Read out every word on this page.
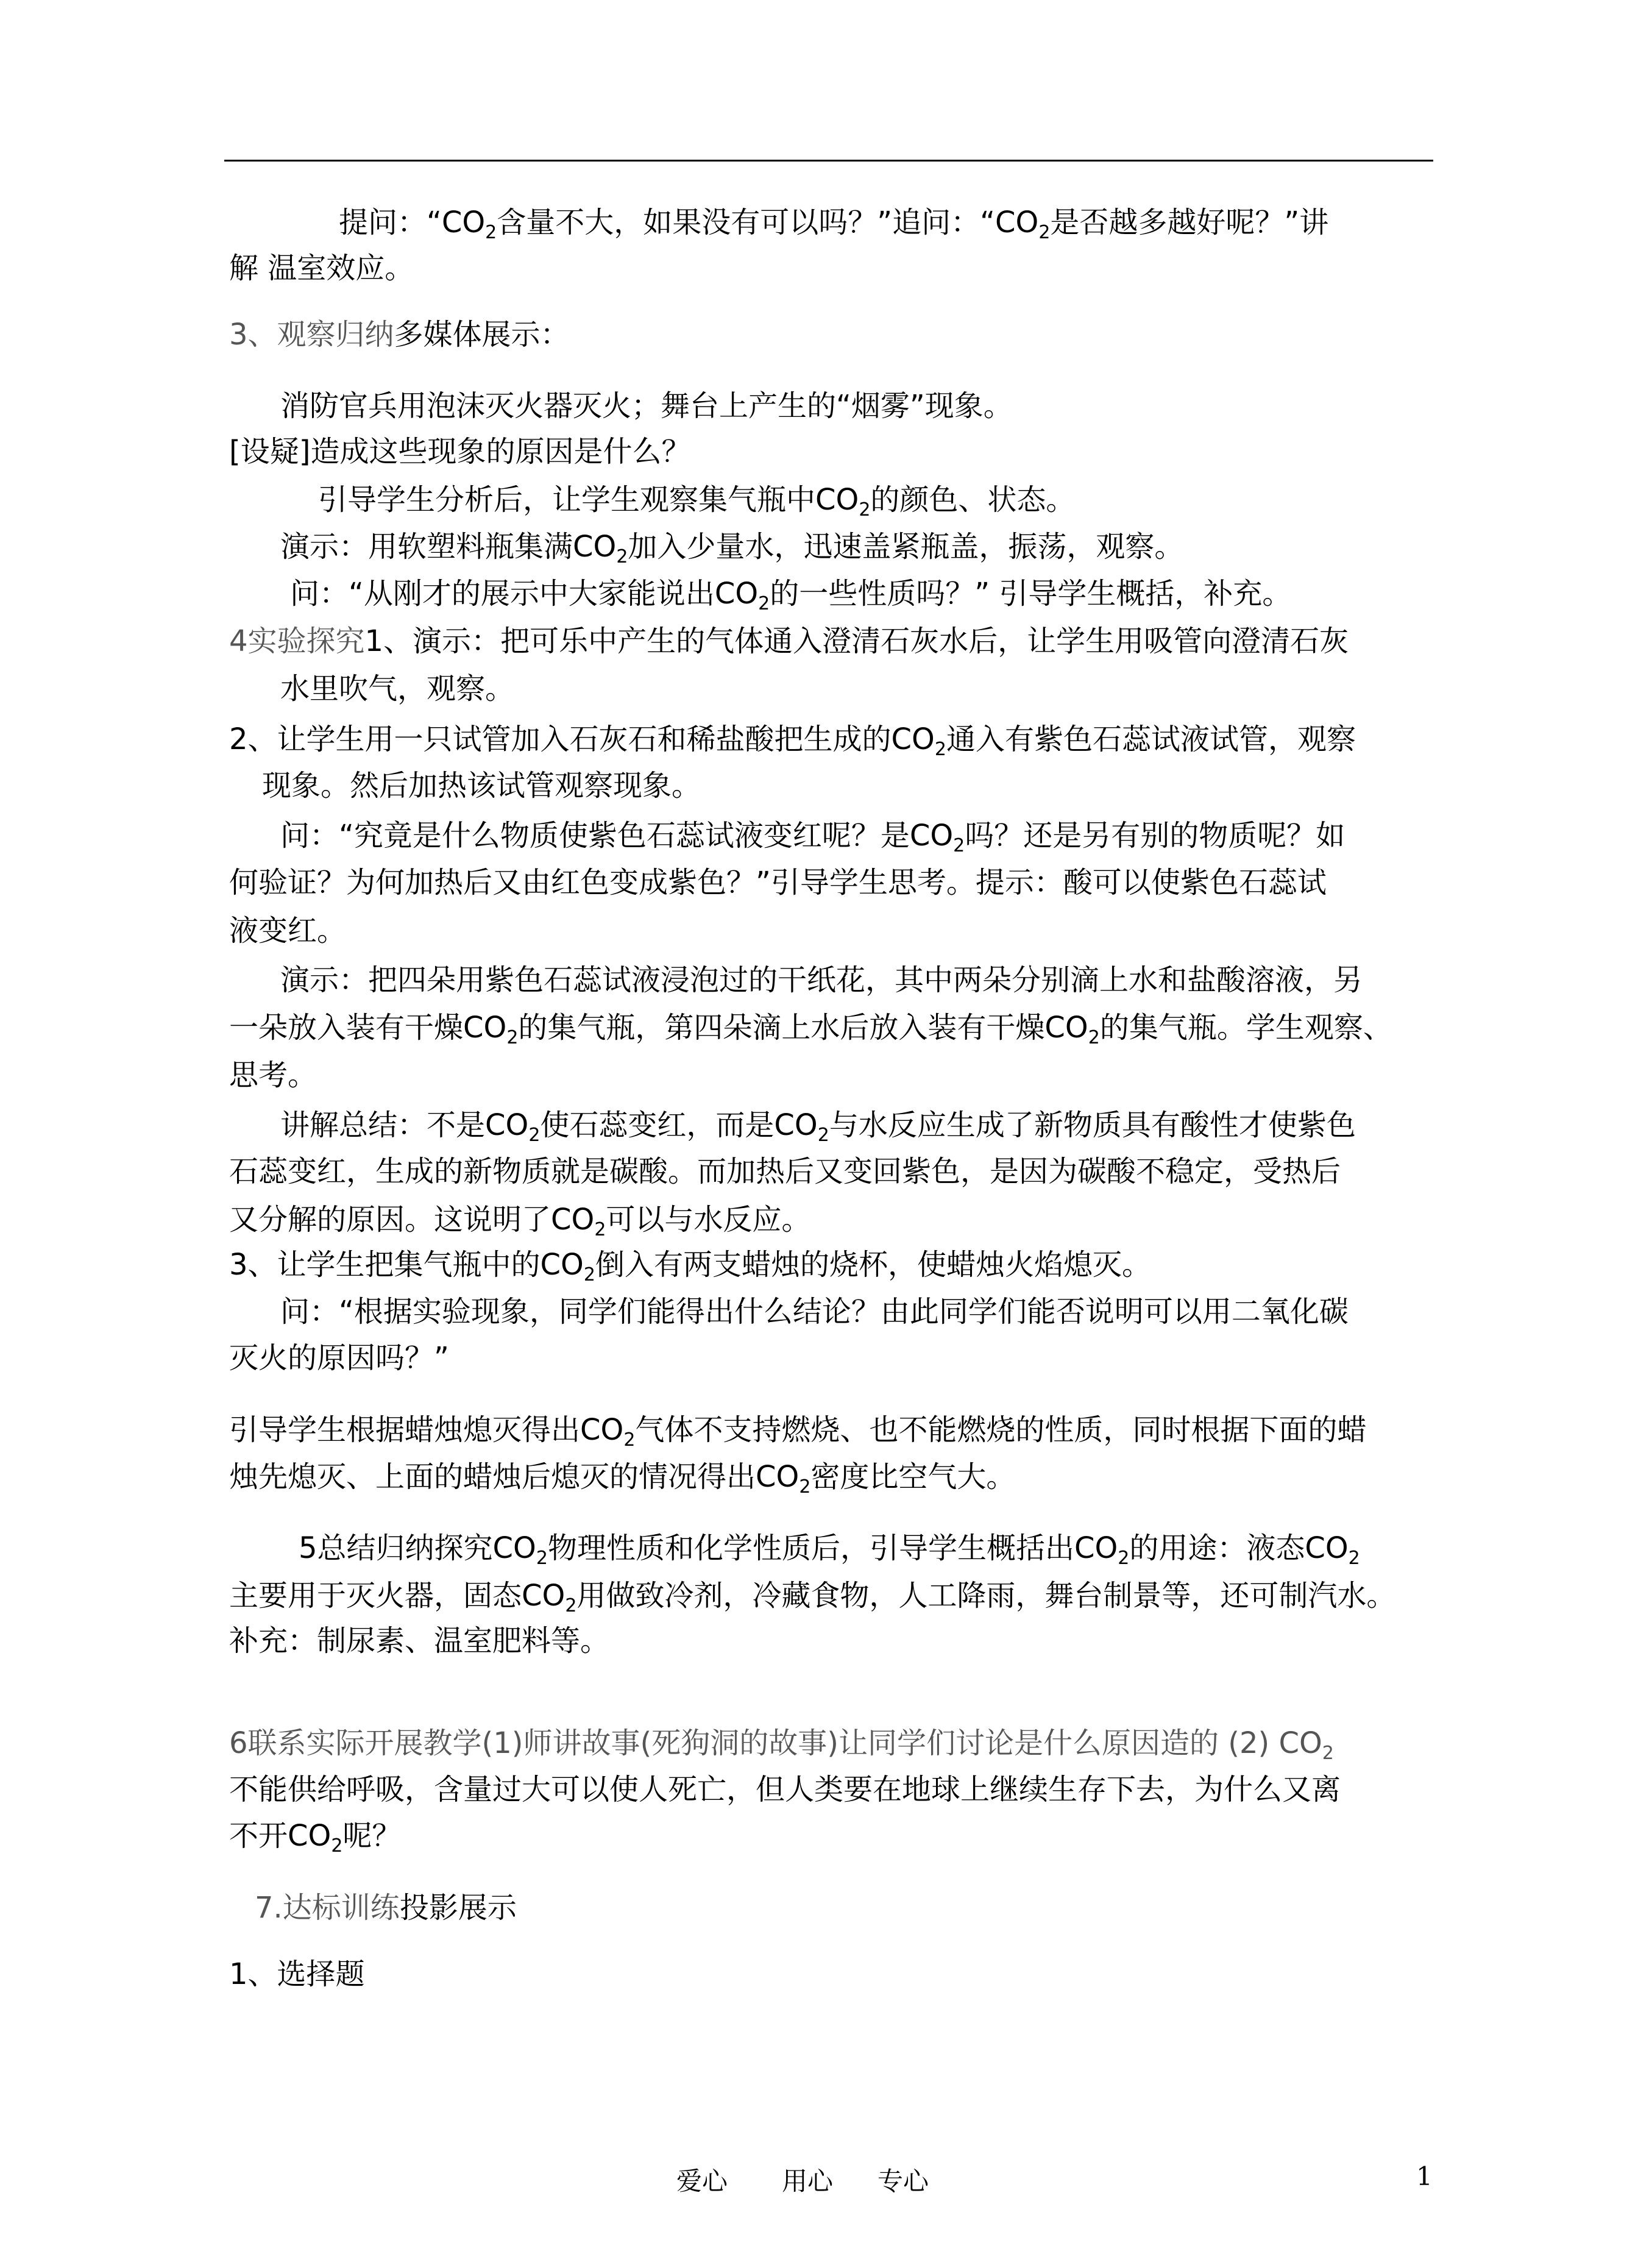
提问：“$CO_2$含量不大，如果没有可以吗？”追问：“$CO_2$是否越多越好呢？”讲
解 温室效应。
3、观察归纳多媒体展示：
消防官兵用泡沫灭火器灭火；舞台上产生的“烟雾”现象。
[设疑]造成这些现象的原因是什么？
引导学生分析后，让学生观察集气瓶中$CO_2$的颜色、状态。
演示：用软塑料瓶集满$CO_2$加入少量水，迅速盖紧瓶盖，振荡，观察。
问：“从刚才的展示中大家能说出$CO_2$的一些性质吗？” 引导学生概括，补充。
4实验探究1、演示：把可乐中产生的气体通入澄清石灰水后，让学生用吸管向澄清石灰
水里吹气，观察。
2、让学生用一只试管加入石灰石和稀盐酸把生成的$CO_2$通入有紫色石蕊试液试管，观察
现象。然后加热该试管观察现象。
问：“究竟是什么物质使紫色石蕊试液变红呢？是$CO_2$吗？还是另有别的物质呢？如
何验证？为何加热后又由红色变成紫色？”引导学生思考。提示：酸可以使紫色石蕊试
液变红。
演示：把四朵用紫色石蕊试液浸泡过的干纸花，其中两朵分别滴上水和盐酸溶液，另
一朵放入装有干燥$CO_2$的集气瓶，第四朵滴上水后放入装有干燥$CO_2$的集气瓶。学生观察、
思考。
讲解总结：不是$CO_2$使石蕊变红，而是$CO_2$与水反应生成了新物质具有酸性才使紫色
石蕊变红，生成的新物质就是碳酸。而加热后又变回紫色，是因为碳酸不稳定，受热后
又分解的原因。这说明了$CO_2$可以与水反应。
3、让学生把集气瓶中的$CO_2$倒入有两支蜡烛的烧杯，使蜡烛火焰熄灭。
问：“根据实验现象，同学们能得出什么结论？由此同学们能否说明可以用二氧化碳
灭火的原因吗？”
引导学生根据蜡烛熄灭得出$CO_2$气体不支持燃烧、也不能燃烧的性质，同时根据下面的蜡
烛先熄灭、上面的蜡烛后熄灭的情况得出$CO_2$密度比空气大。
5总结归纳探究$CO_2$物理性质和化学性质后，引导学生概括出$CO_2$的用途：液态$CO_2$
主要用于灭火器，固态$CO_2$用做致冷剂，冷藏食物，人工降雨，舞台制景等，还可制汽水。
补充：制尿素、温室肥料等。
6联系实际开展教学(1)师讲故事(死狗洞的故事)让同学们讨论是什么原因造的 (2) $CO_2$
不能供给呼吸，含量过大可以使人死亡，但人类要在地球上继续生存下去，为什么又离
不开$CO_2$呢？
7.达标训练投影展示
1、选择题
爱心 用心 专心	1
